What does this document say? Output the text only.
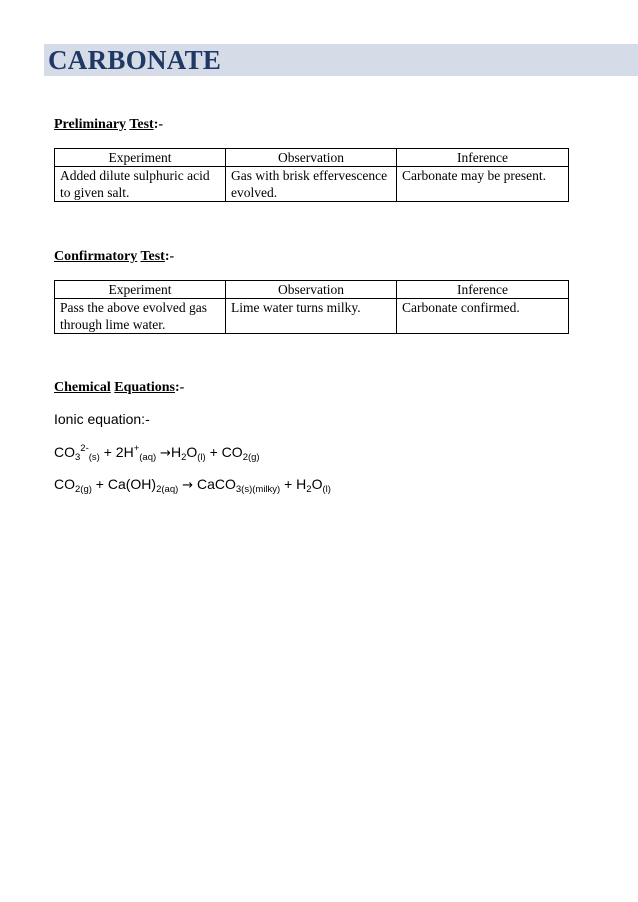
CARBONATE
Preliminary Test:-
Experiment	Observation	Inference
Added dilute sulphuric acid to given salt.	Gas with brisk effervescence evolved.	Carbonate may be present.
Confirmatory Test:-
Experiment	Observation	Inference
Pass the above evolved gas through lime water.	Lime water turns milky.	Carbonate confirmed.
Chemical Equations:-
Ionic equation:-
$CO_3^{2-}_{(s)} + 2H^+_{(aq)} \to H_2O_{(l)} + CO_{2(g)}$
$CO_{2(g)} + Ca(OH)_{2(aq)}$ → CaCO$_{3(s)(milky)}$ + $H_2O_{(l)}$
